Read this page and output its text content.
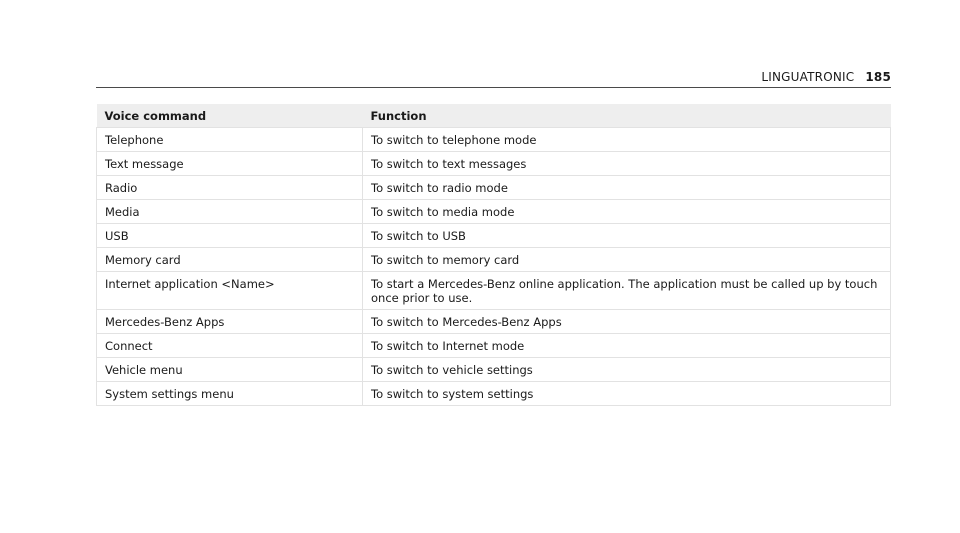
LINGUATRONIC 185
Voice command	Function
Telephone	To switch to telephone mode
Text message	To switch to text messages
Radio	To switch to radio mode
Media	To switch to media mode
USB	To switch to USB
Memory card	To switch to memory card
Internet application <Name>	To start a Mercedes-Benz online application. The application must be called up by touch once prior to use.
Mercedes-Benz Apps	To switch to Mercedes-Benz Apps
Connect	To switch to Internet mode
Vehicle menu	To switch to vehicle settings
System settings menu	To switch to system settings
